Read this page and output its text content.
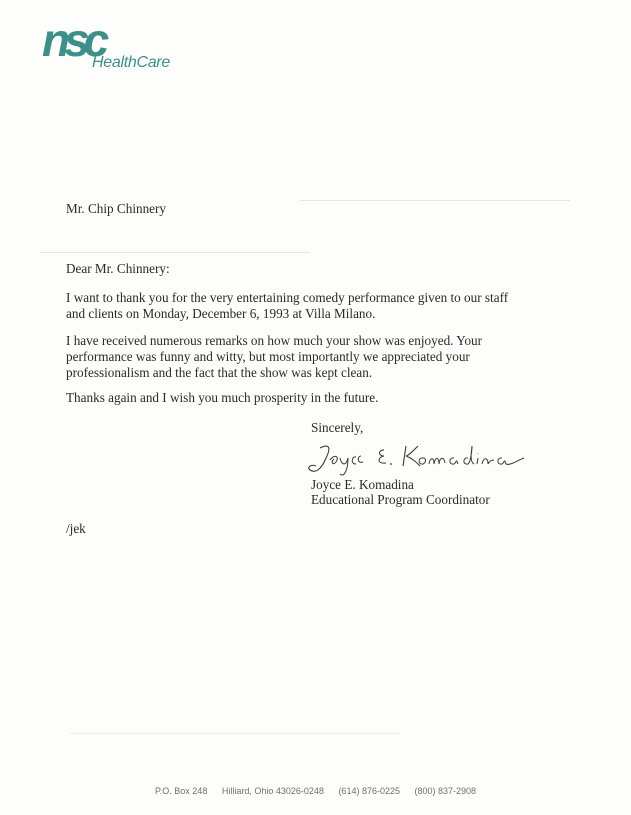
nsc
HealthCare
Mr. Chip Chinnery
Dear Mr. Chinnery:
I want to thank you for the very entertaining comedy performance given to our staff
and clients on Monday, December 6, 1993 at Villa Milano.
I have received numerous remarks on how much your show was enjoyed. Your
performance was funny and witty, but most importantly we appreciated your
professionalism and the fact that the show was kept clean.
Thanks again and I wish you much prosperity in the future.
Sincerely,
Joyce E. Komadina
Educational Program Coordinator
/jek
P.O. Box 248 Hilliard, Ohio 43026-0248 (614) 876-0225 (800) 837-2908
